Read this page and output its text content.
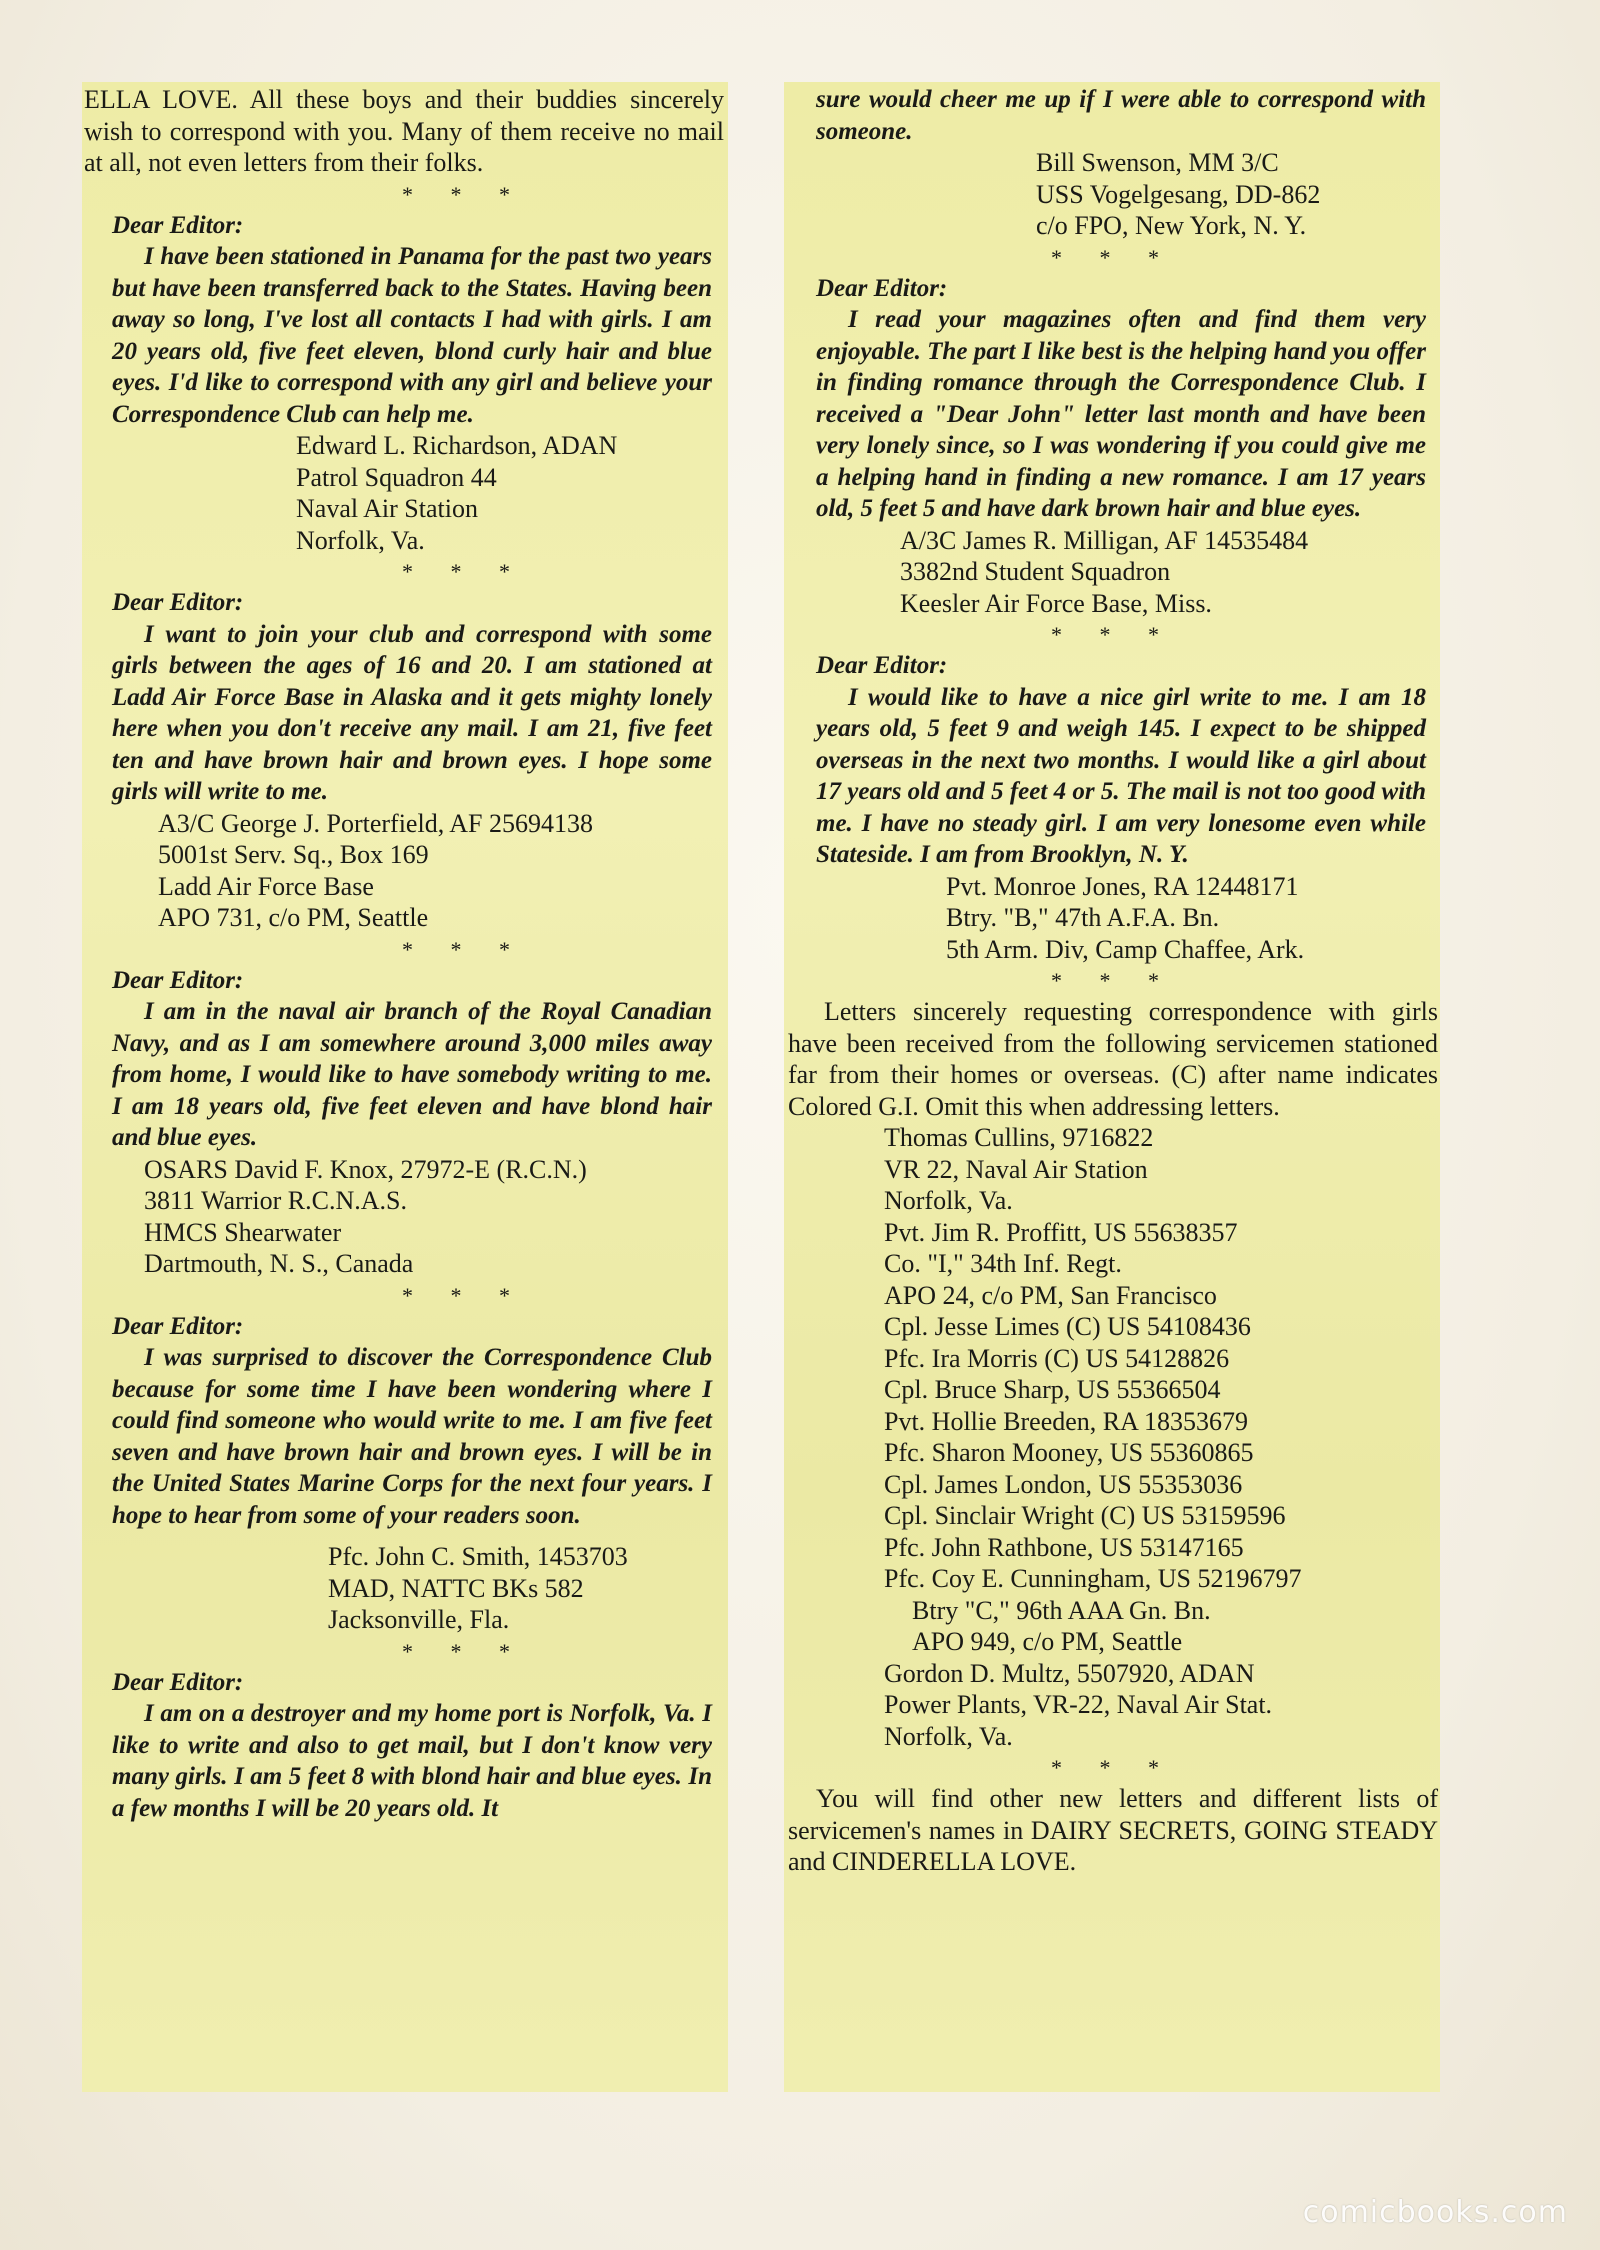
ELLA LOVE. All these boys and their buddies sincerely wish to correspond with you. Many of them receive no mail at all, not even letters from their folks.

* * *

Dear Editor:

I have been stationed in Panama for the past two years but have been transferred back to the States. Having been away so long, I've lost all contacts I had with girls. I am 20 years old, five feet eleven, blond curly hair and blue eyes. I'd like to correspond with any girl and believe your Correspondence Club can help me.

Edward L. Richardson, ADAN
Patrol Squadron 44
Naval Air Station
Norfolk, Va.

* * *

Dear Editor:

I want to join your club and correspond with some girls between the ages of 16 and 20. I am stationed at Ladd Air Force Base in Alaska and it gets mighty lonely here when you don't receive any mail. I am 21, five feet ten and have brown hair and brown eyes. I hope some girls will write to me.

A3/C George J. Porterfield, AF 25694138
5001st Serv. Sq., Box 169
Ladd Air Force Base
APO 731, c/o PM, Seattle

* * *

Dear Editor:

I am in the naval air branch of the Royal Canadian Navy, and as I am somewhere around 3,000 miles away from home, I would like to have somebody writing to me. I am 18 years old, five feet eleven and have blond hair and blue eyes.

OSARS David F. Knox, 27972-E (R.C.N.)
3811 Warrior R.C.N.A.S.
HMCS Shearwater
Dartmouth, N. S., Canada

* * *

Dear Editor:

I was surprised to discover the Correspondence Club because for some time I have been wondering where I could find someone who would write to me. I am five feet seven and have brown hair and brown eyes. I will be in the United States Marine Corps for the next four years. I hope to hear from some of your readers soon.

Pfc. John C. Smith, 1453703
MAD, NATTC BKs 582
Jacksonville, Fla.

* * *

Dear Editor:

I am on a destroyer and my home port is Norfolk, Va. I like to write and also to get mail, but I don't know very many girls. I am 5 feet 8 with blond hair and blue eyes. In a few months I will be 20 years old. It

sure would cheer me up if I were able to correspond with someone.

Bill Swenson, MM 3/C
USS Vogelgesang, DD-862
c/o FPO, New York, N. Y.

* * *

Dear Editor:

I read your magazines often and find them very enjoyable. The part I like best is the helping hand you offer in finding romance through the Correspondence Club. I received a "Dear John" letter last month and have been very lonely since, so I was wondering if you could give me a helping hand in finding a new romance. I am 17 years old, 5 feet 5 and have dark brown hair and blue eyes.

A/3C James R. Milligan, AF 14535484
3382nd Student Squadron
Keesler Air Force Base, Miss.

* * *

Dear Editor:

I would like to have a nice girl write to me. I am 18 years old, 5 feet 9 and weigh 145. I expect to be shipped overseas in the next two months. I would like a girl about 17 years old and 5 feet 4 or 5. The mail is not too good with me. I have no steady girl. I am very lonesome even while Stateside. I am from Brooklyn, N. Y.

Pvt. Monroe Jones, RA 12448171
Btry. "B," 47th A.F.A. Bn.
5th Arm. Div, Camp Chaffee, Ark.

* * *

Letters sincerely requesting correspondence with girls have been received from the following servicemen stationed far from their homes or overseas. (C) after name indicates Colored G.I. Omit this when addressing letters.

Thomas Cullins, 9716822
VR 22, Naval Air Station
Norfolk, Va.
Pvt. Jim R. Proffitt, US 55638357
Co. "I," 34th Inf. Regt.
APO 24, c/o PM, San Francisco
Cpl. Jesse Limes (C) US 54108436
Pfc. Ira Morris (C) US 54128826
Cpl. Bruce Sharp, US 55366504
Pvt. Hollie Breeden, RA 18353679
Pfc. Sharon Mooney, US 55360865
Cpl. James London, US 55353036
Cpl. Sinclair Wright (C) US 53159596
Pfc. John Rathbone, US 53147165
Pfc. Coy E. Cunningham, US 52196797
Btry "C," 96th AAA Gn. Bn.
APO 949, c/o PM, Seattle
Gordon D. Multz, 5507920, ADAN
Power Plants, VR-22, Naval Air Stat.
Norfolk, Va.

* * *

You will find other new letters and different lists of servicemen's names in DAIRY SECRETS, GOING STEADY and CINDERELLA LOVE.

comicbooks.com
